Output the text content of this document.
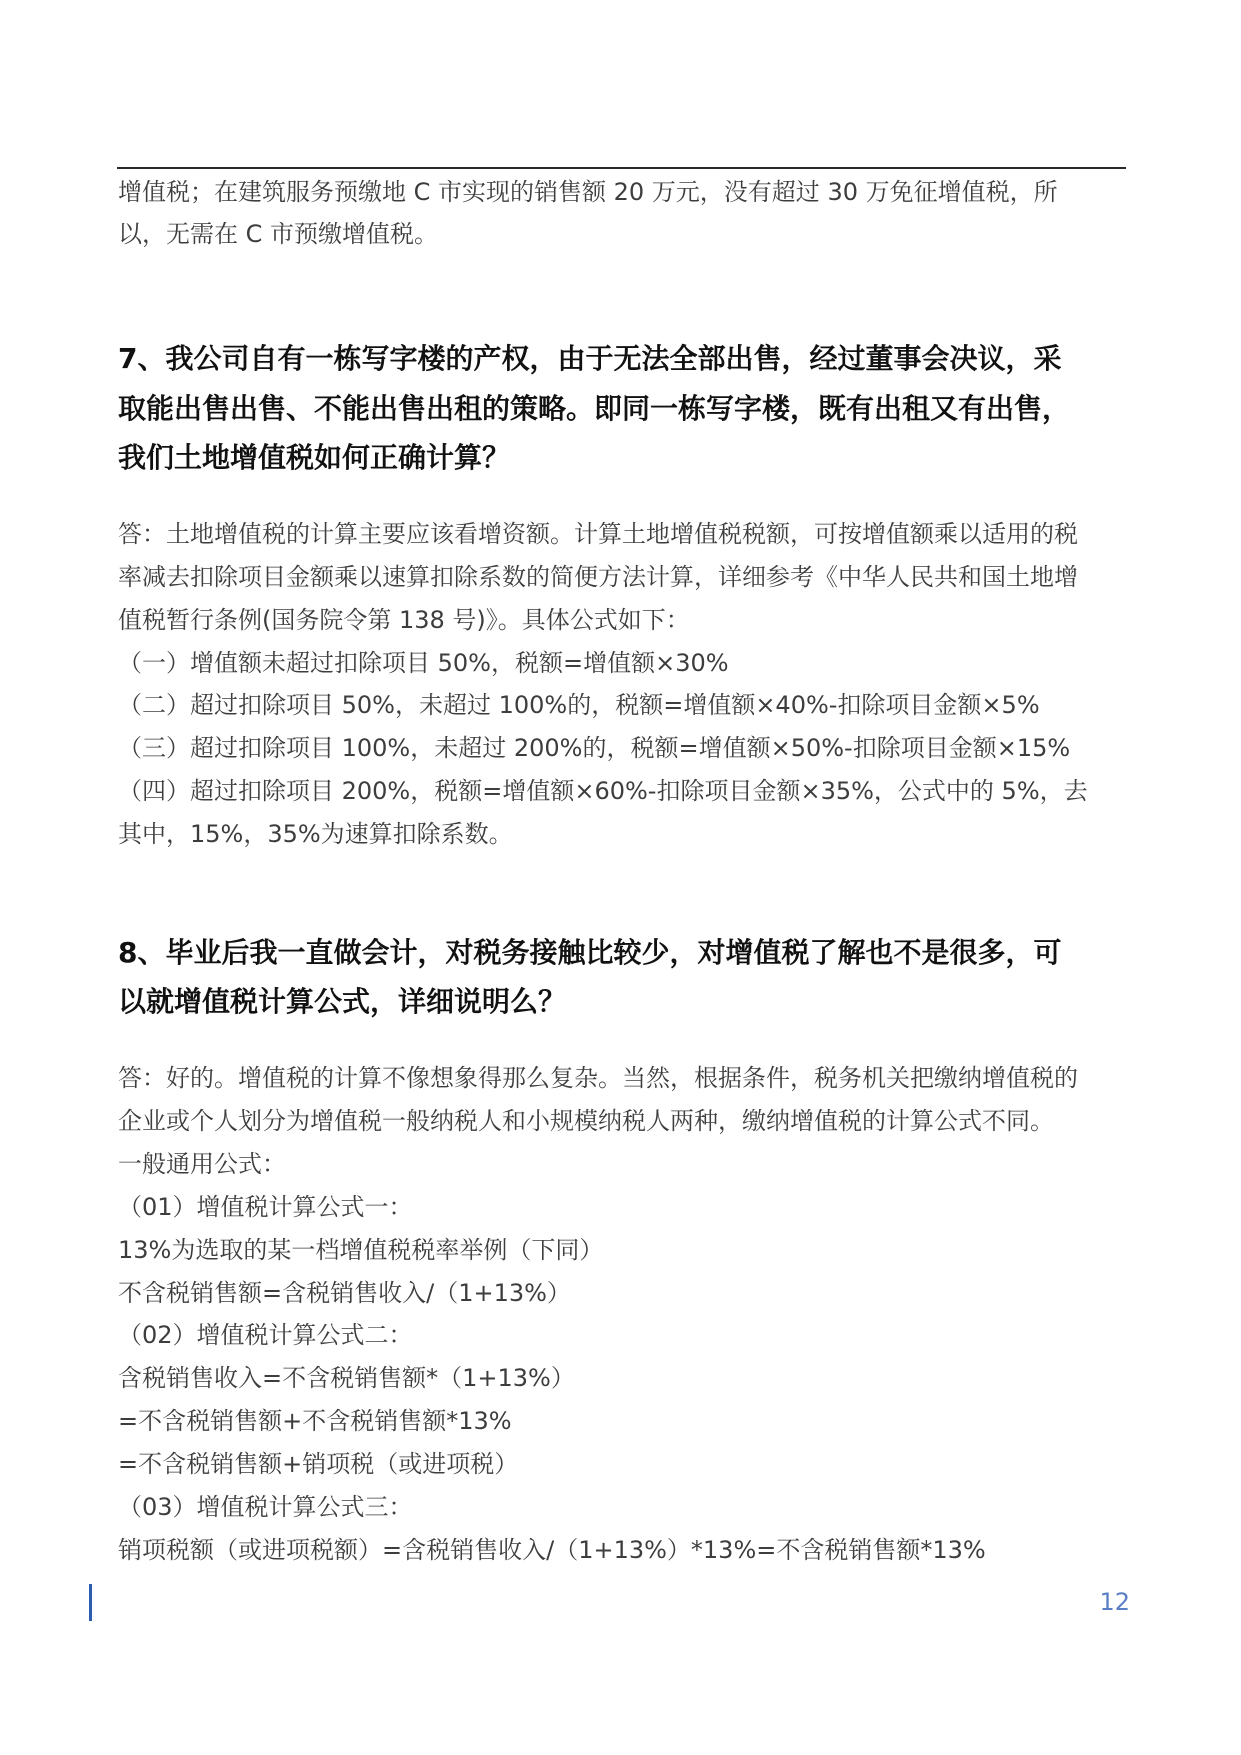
增值税；在建筑服务预缴地 C 市实现的销售额 20 万元，没有超过 30 万免征增值税，所
以，无需在 C 市预缴增值税。
7、我公司自有一栋写字楼的产权，由于无法全部出售，经过董事会决议，采
取能出售出售、不能出售出租的策略。即同一栋写字楼，既有出租又有出售，
我们土地增值税如何正确计算？
答：土地增值税的计算主要应该看增资额。计算土地增值税税额，可按增值额乘以适用的税
率减去扣除项目金额乘以速算扣除系数的简便方法计算，详细参考《中华人民共和国土地增
值税暂行条例(国务院令第 138 号)》。具体公式如下：
（一）增值额未超过扣除项目 50%，税额=增值额×30%
（二）超过扣除项目 50%，未超过 100%的，税额=增值额×40%-扣除项目金额×5%
（三）超过扣除项目 100%，未超过 200%的，税额=增值额×50%-扣除项目金额×15%
（四）超过扣除项目 200%，税额=增值额×60%-扣除项目金额×35%，公式中的 5%，去
其中，15%，35%为速算扣除系数。
8、毕业后我一直做会计，对税务接触比较少，对增值税了解也不是很多，可
以就增值税计算公式，详细说明么？
答：好的。增值税的计算不像想象得那么复杂。当然，根据条件，税务机关把缴纳增值税的
企业或个人划分为增值税一般纳税人和小规模纳税人两种，缴纳增值税的计算公式不同。
一般通用公式：
（01）增值税计算公式一：
13%为选取的某一档增值税税率举例（下同）
不含税销售额=含税销售收入/（1+13%）
（02）增值税计算公式二：
含税销售收入=不含税销售额*（1+13%）
=不含税销售额+不含税销售额*13%
=不含税销售额+销项税（或进项税）
（03）增值税计算公式三：
销项税额（或进项税额）=含税销售收入/（1+13%）*13%=不含税销售额*13%
12
